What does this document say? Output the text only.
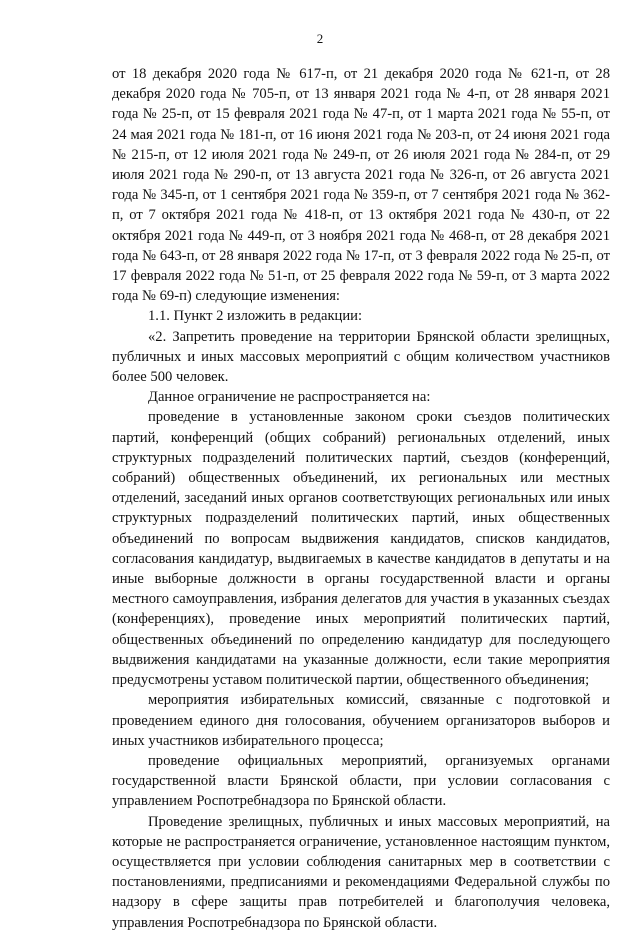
2

от 18 декабря 2020 года № 617-п, от 21 декабря 2020 года № 621-п, от 28 декабря 2020 года № 705-п, от 13 января 2021 года № 4-п, от 28 января 2021 года № 25-п, от 15 февраля 2021 года № 47-п, от 1 марта 2021 года № 55-п, от 24 мая 2021 года № 181-п, от 16 июня 2021 года № 203-п, от 24 июня 2021 года № 215-п, от 12 июля 2021 года № 249-п, от 26 июля 2021 года № 284-п, от 29 июля 2021 года № 290-п, от 13 августа 2021 года № 326-п, от 26 августа 2021 года № 345-п, от 1 сентября 2021 года № 359-п, от 7 сентября 2021 года № 362-п, от 7 октября 2021 года № 418-п, от 13 октября 2021 года № 430-п, от 22 октября 2021 года № 449-п, от 3 ноября 2021 года № 468-п, от 28 декабря 2021 года № 643-п, от 28 января 2022 года № 17-п, от 3 февраля 2022 года № 25-п, от 17 февраля 2022 года № 51-п, от 25 февраля 2022 года № 59-п, от 3 марта 2022 года № 69-п) следующие изменения:

1.1. Пункт 2 изложить в редакции:

«2. Запретить проведение на территории Брянской области зрелищных, публичных и иных массовых мероприятий с общим количеством участников более 500 человек.

Данное ограничение не распространяется на:

проведение в установленные законом сроки съездов политических партий, конференций (общих собраний) региональных отделений, иных структурных подразделений политических партий, съездов (конференций, собраний) общественных объединений, их региональных или местных отделений, заседаний иных органов соответствующих региональных или иных структурных подразделений политических партий, иных общественных объединений по вопросам выдвижения кандидатов, списков кандидатов, согласования кандидатур, выдвигаемых в качестве кандидатов в депутаты и на иные выборные должности в органы государственной власти и органы местного самоуправления, избрания делегатов для участия в указанных съездах (конференциях), проведение иных мероприятий политических партий, общественных объединений по определению кандидатур для последующего выдвижения кандидатами на указанные должности, если такие мероприятия предусмотрены уставом политической партии, общественного объединения;

мероприятия избирательных комиссий, связанные с подготовкой и проведением единого дня голосования, обучением организаторов выборов и иных участников избирательного процесса;

проведение официальных мероприятий, организуемых органами государственной власти Брянской области, при условии согласования с управлением Роспотребнадзора по Брянской области.

Проведение зрелищных, публичных и иных массовых мероприятий, на которые не распространяется ограничение, установленное настоящим пунктом, осуществляется при условии соблюдения санитарных мер в соответствии с постановлениями, предписаниями и рекомендациями Федеральной службы по надзору в сфере защиты прав потребителей и благополучия человека, управления Роспотребнадзора по Брянской области.
